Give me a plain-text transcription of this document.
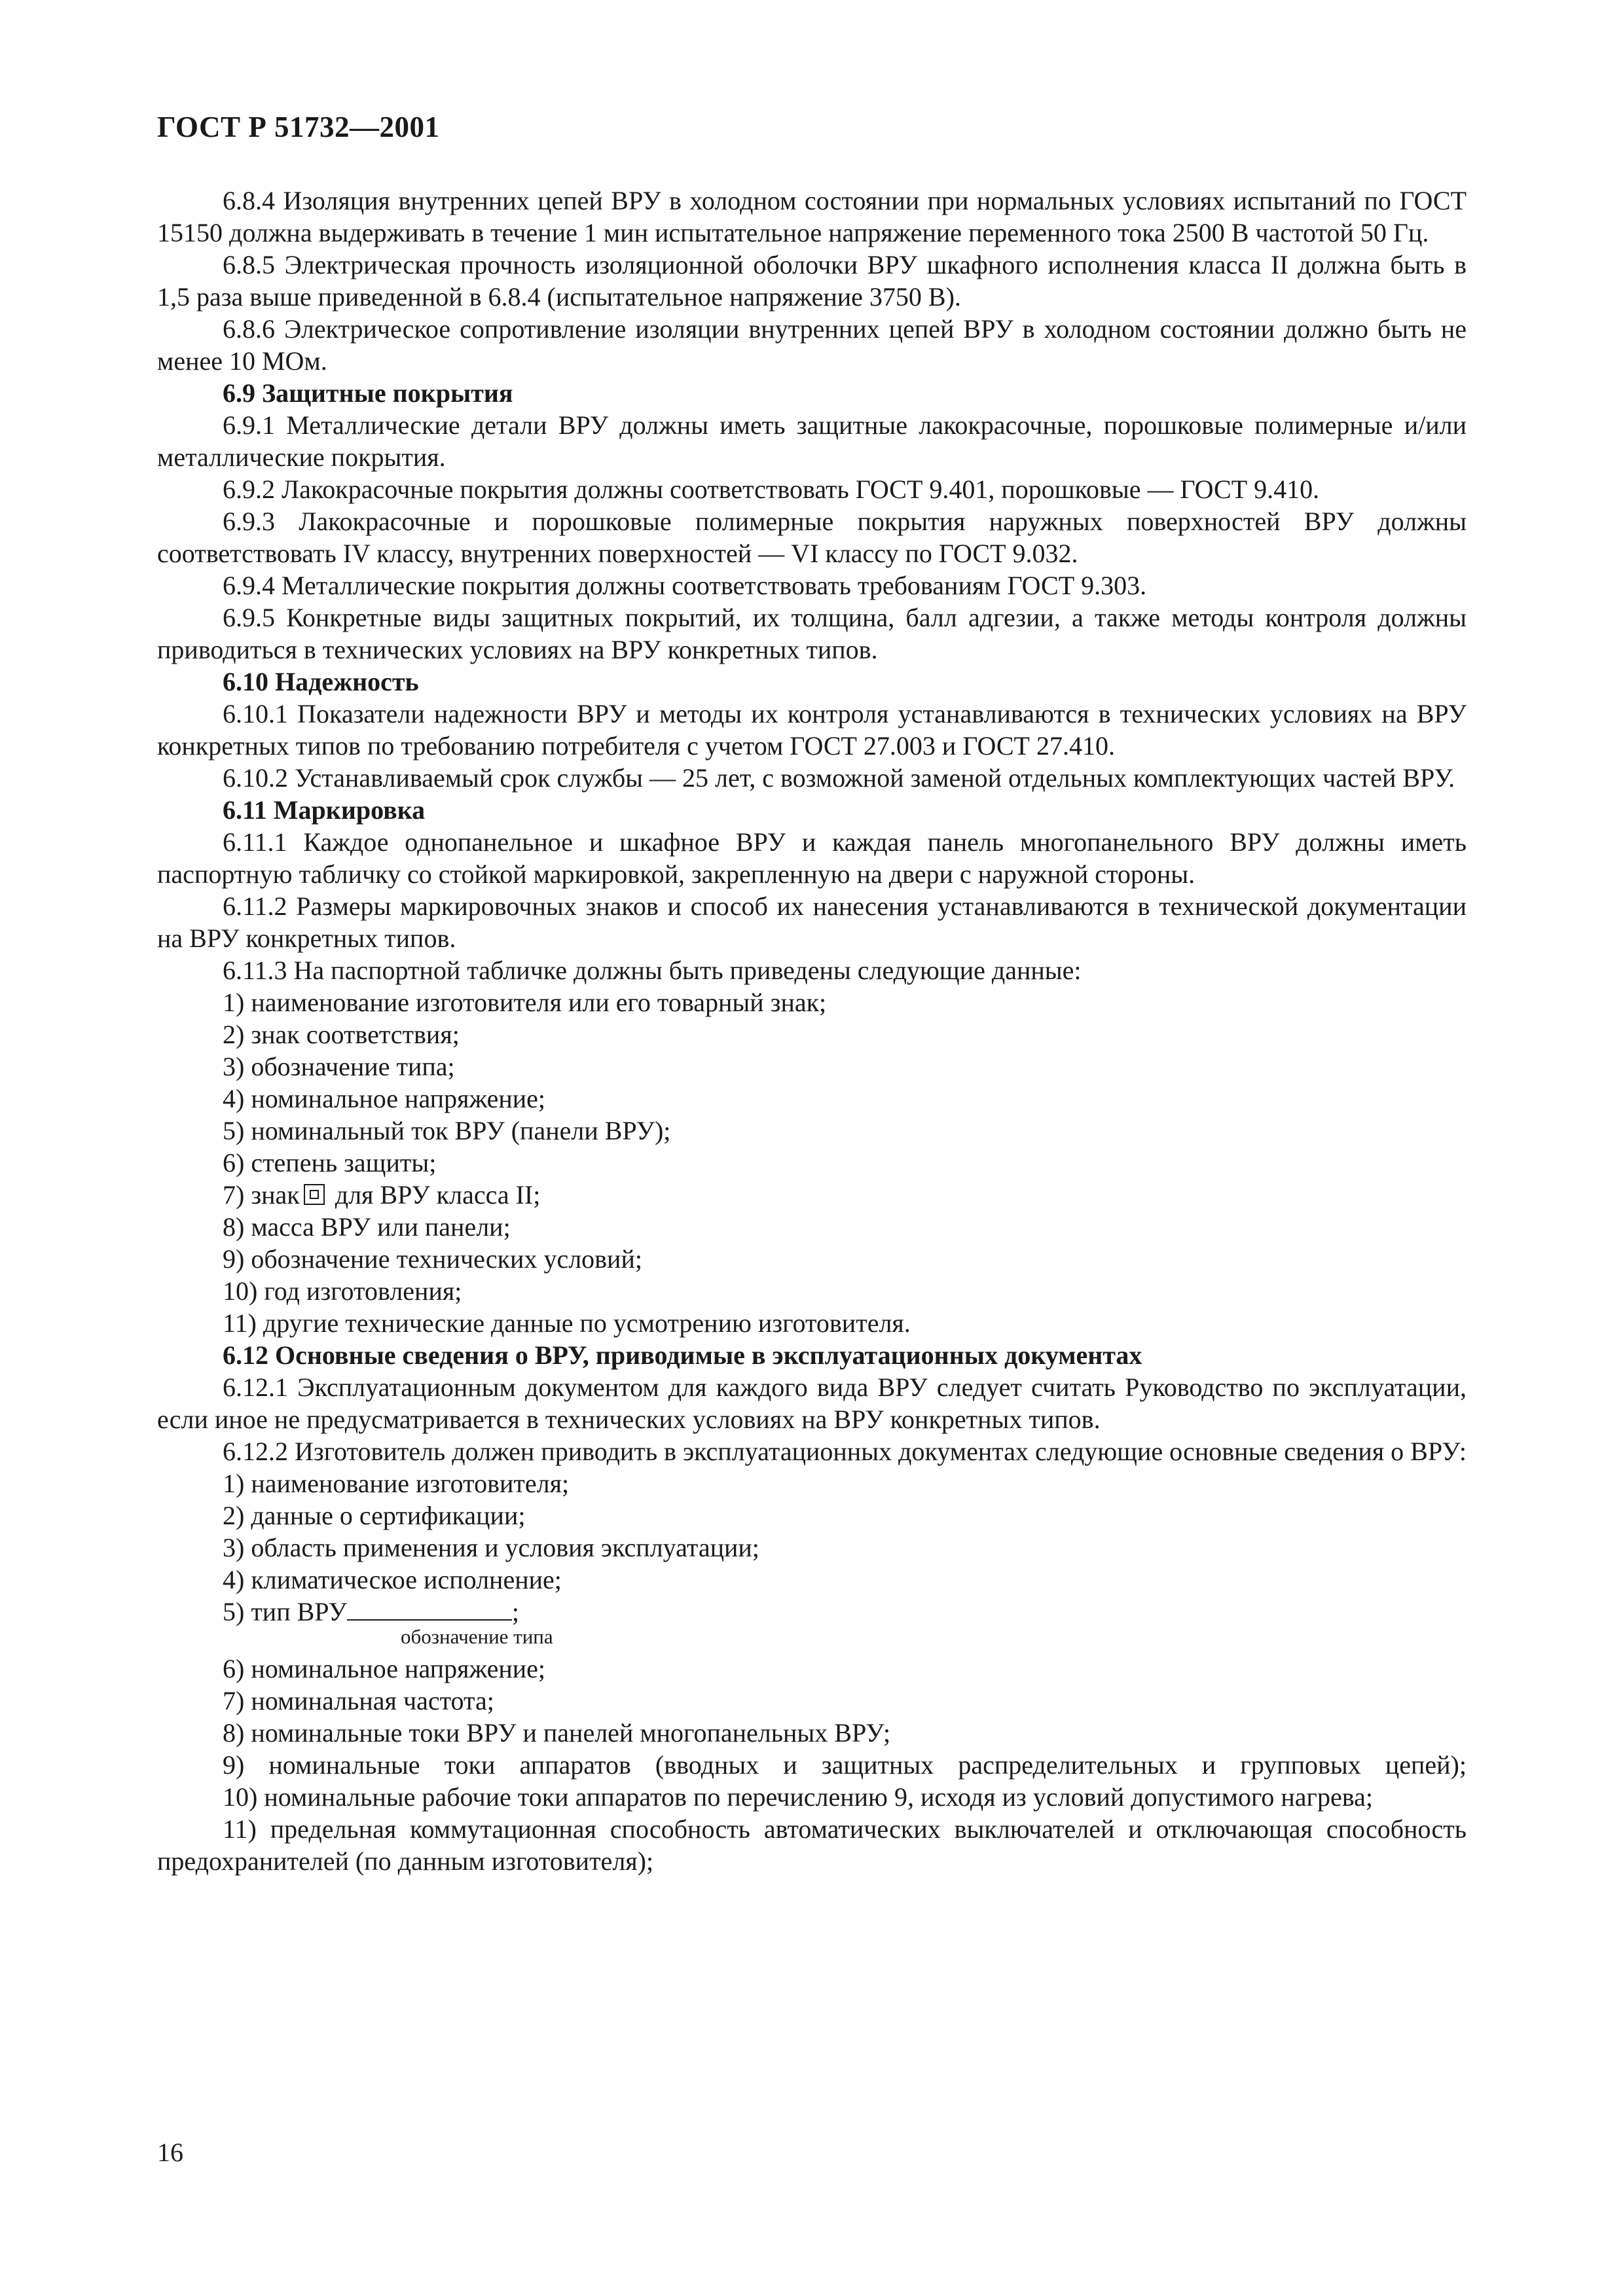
ГОСТ Р 51732—2001
6.8.4 Изоляция внутренних цепей ВРУ в холодном состоянии при нормальных условиях испытаний по ГОСТ 15150 должна выдерживать в течение 1 мин испытательное напряжение переменного тока 2500 В частотой 50 Гц.
6.8.5 Электрическая прочность изоляционной оболочки ВРУ шкафного исполнения класса II должна быть в 1,5 раза выше приведенной в 6.8.4 (испытательное напряжение 3750 В).
6.8.6 Электрическое сопротивление изоляции внутренних цепей ВРУ в холодном состоянии должно быть не менее 10 МОм.
6.9 Защитные покрытия
6.9.1 Металлические детали ВРУ должны иметь защитные лакокрасочные, порошковые полимерные и/или металлические покрытия.
6.9.2 Лакокрасочные покрытия должны соответствовать ГОСТ 9.401, порошковые — ГОСТ 9.410.
6.9.3 Лакокрасочные и порошковые полимерные покрытия наружных поверхностей ВРУ должны соответствовать IV классу, внутренних поверхностей — VI классу по ГОСТ 9.032.
6.9.4 Металлические покрытия должны соответствовать требованиям ГОСТ 9.303.
6.9.5 Конкретные виды защитных покрытий, их толщина, балл адгезии, а также методы контроля должны приводиться в технических условиях на ВРУ конкретных типов.
6.10 Надежность
6.10.1 Показатели надежности ВРУ и методы их контроля устанавливаются в технических условиях на ВРУ конкретных типов по требованию потребителя с учетом ГОСТ 27.003 и ГОСТ 27.410.
6.10.2 Устанавливаемый срок службы — 25 лет, с возможной заменой отдельных комплектующих частей ВРУ.
6.11 Маркировка
6.11.1 Каждое однопанельное и шкафное ВРУ и каждая панель многопанельного ВРУ должны иметь паспортную табличку со стойкой маркировкой, закрепленную на двери с наружной стороны.
6.11.2 Размеры маркировочных знаков и способ их нанесения устанавливаются в технической документации на ВРУ конкретных типов.
6.11.3 На паспортной табличке должны быть приведены следующие данные:
1) наименование изготовителя или его товарный знак;
2) знак соответствия;
3) обозначение типа;
4) номинальное напряжение;
5) номинальный ток ВРУ (панели ВРУ);
6) степень защиты;
7) знак для ВРУ класса II;
8) масса ВРУ или панели;
9) обозначение технических условий;
10) год изготовления;
11) другие технические данные по усмотрению изготовителя.
6.12 Основные сведения о ВРУ, приводимые в эксплуатационных документах
6.12.1 Эксплуатационным документом для каждого вида ВРУ следует считать Руководство по эксплуатации, если иное не предусматривается в технических условиях на ВРУ конкретных типов.
6.12.2 Изготовитель должен приводить в эксплуатационных документах следующие основные сведения о ВРУ:
1) наименование изготовителя;
2) данные о сертификации;
3) область применения и условия эксплуатации;
4) климатическое исполнение;
5) тип ВРУ	;
обозначение типа
6) номинальное напряжение;
7) номинальная частота;
8) номинальные токи ВРУ и панелей многопанельных ВРУ;
9) номинальные токи аппаратов (вводных и защитных распределительных и групповых цепей);
10) номинальные рабочие токи аппаратов по перечислению 9, исходя из условий допустимого нагрева;
11) предельная коммутационная способность автоматических выключателей и отключающая способность предохранителей (по данным изготовителя);
16
